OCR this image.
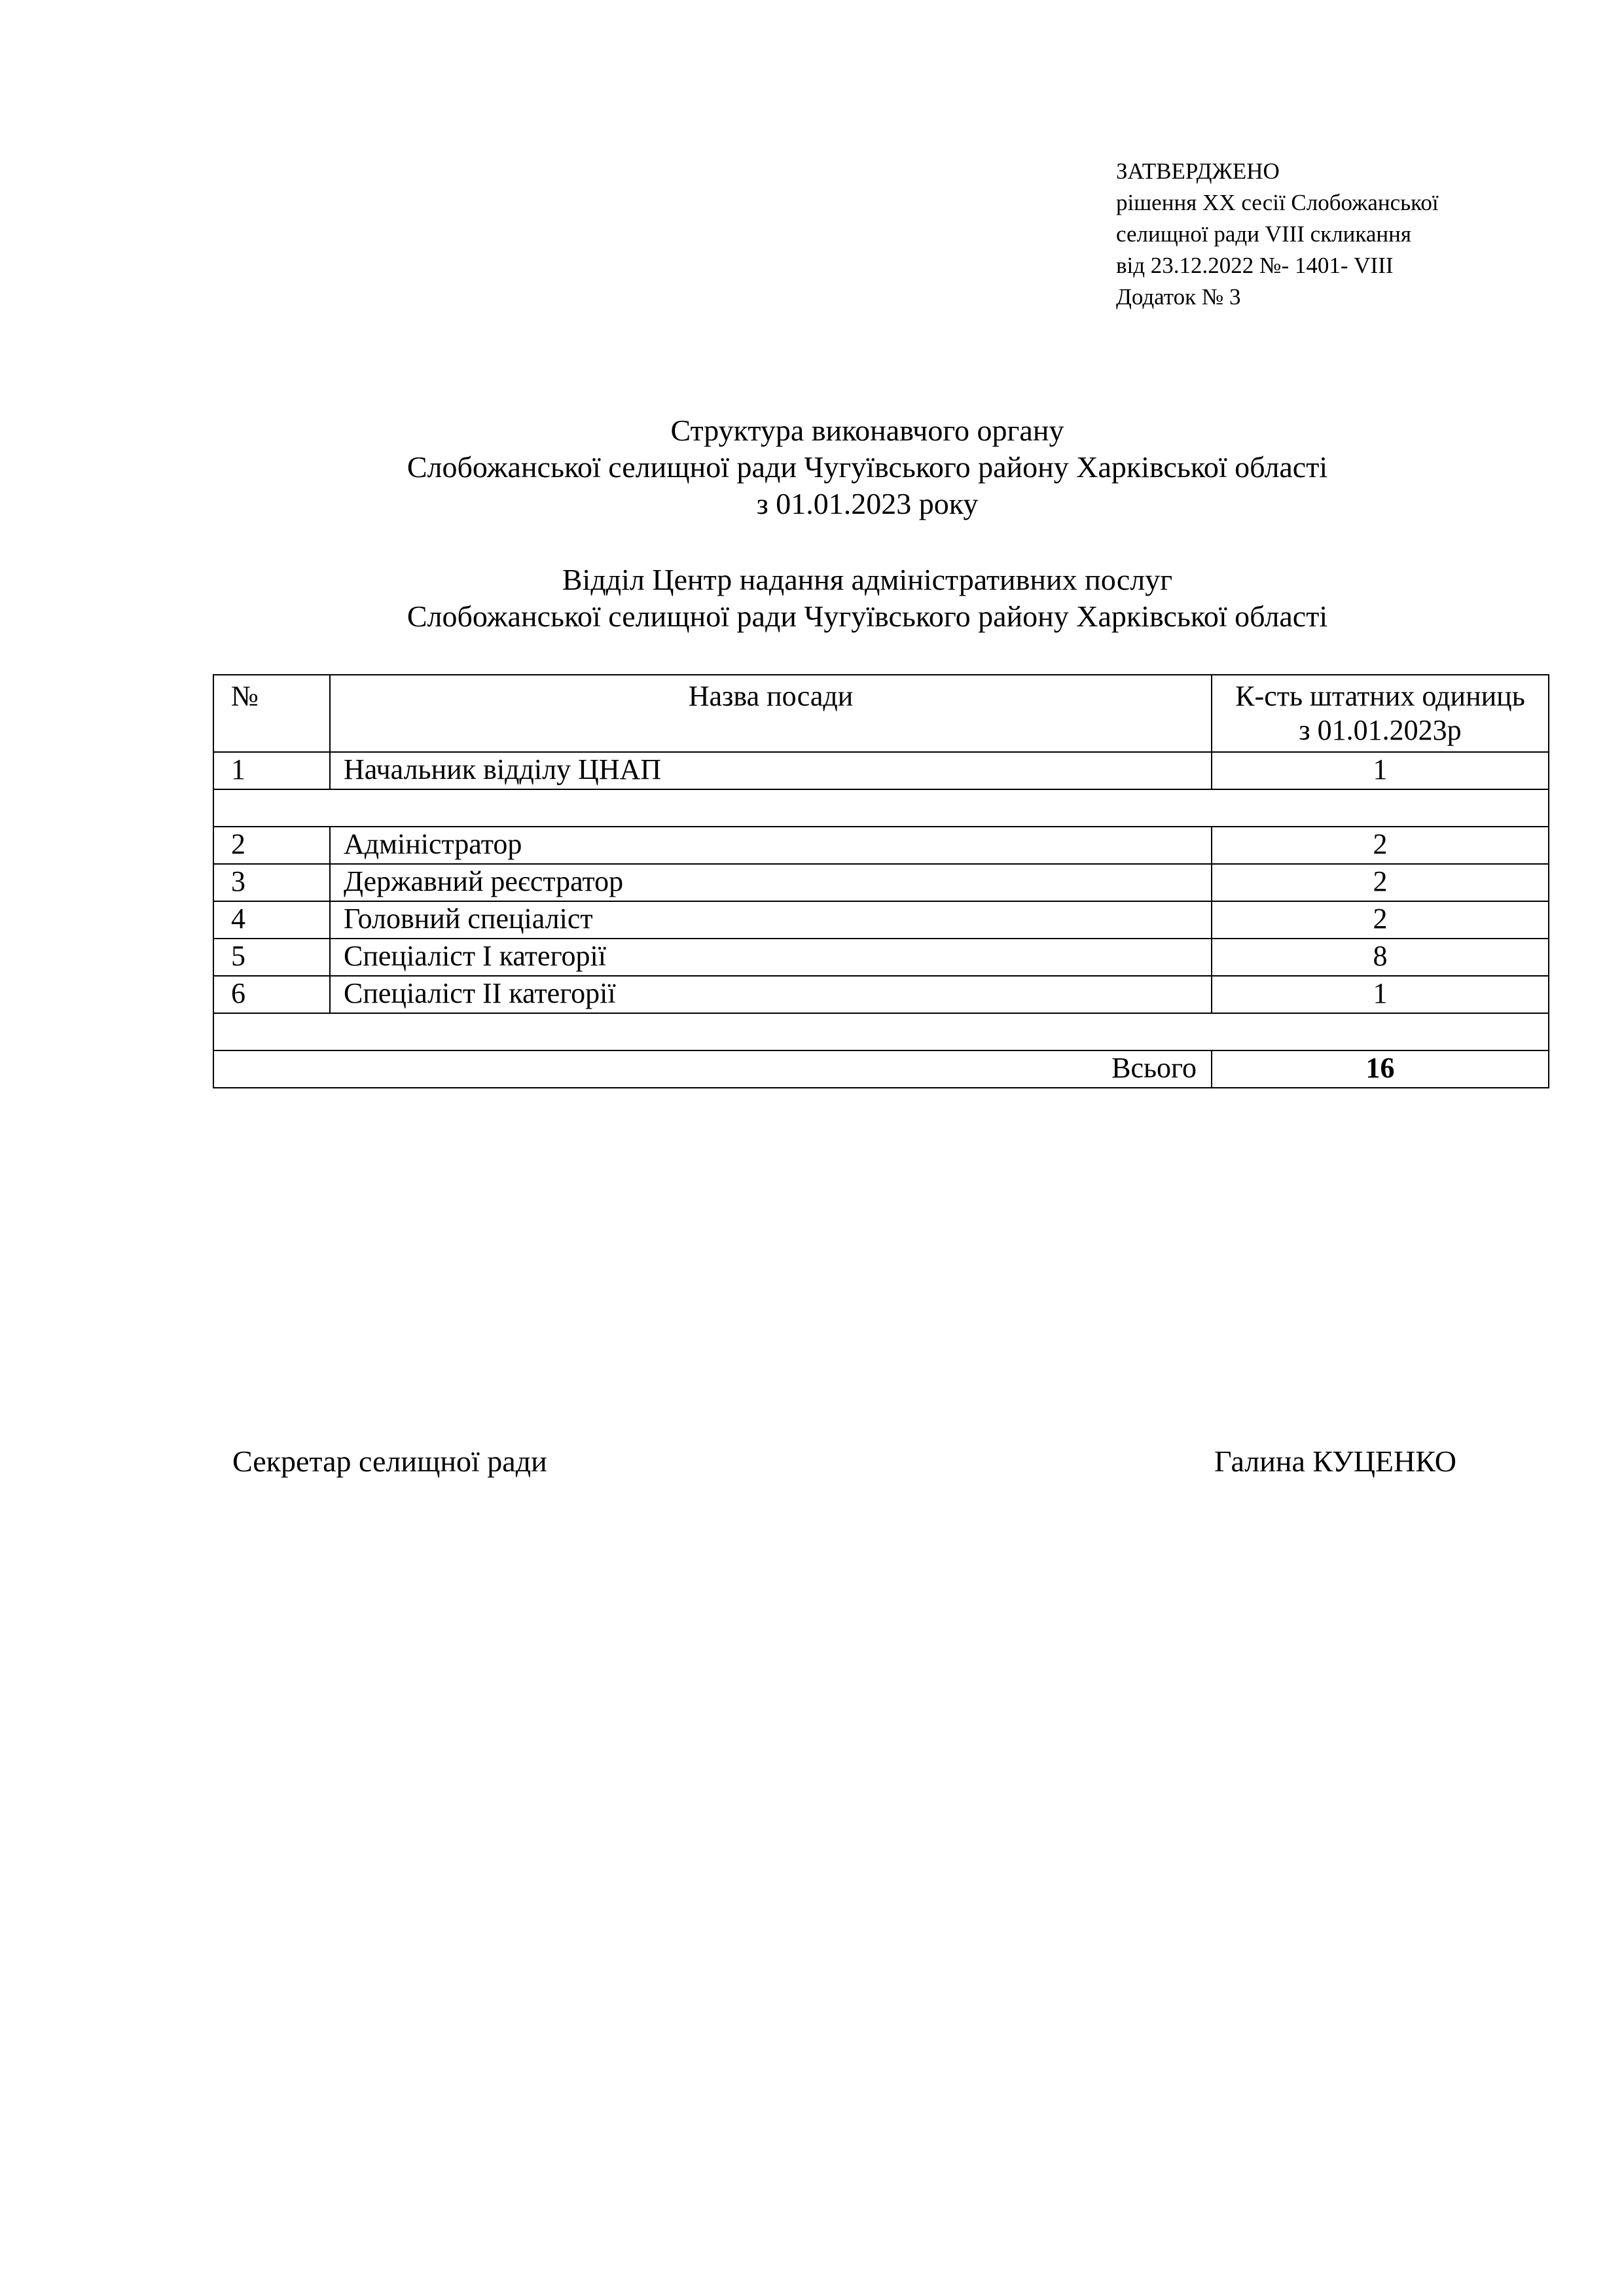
ЗАТВЕРДЖЕНО
рішення ХХ сесії Слобожанської
селищної ради VІІІ скликання
від 23.12.2022 №- 1401- VIII
Додаток № 3
Структура виконавчого органу
Слобожанської селищної ради Чугуївського району Харківської області
з 01.01.2023 року
Відділ Центр надання адміністративних послуг
Слобожанської селищної ради Чугуївського району Харківської області
№	Назва посади	К-сть штатних одиниць
з 01.01.2023р

1	Начальник відділу ЦНАП	1

2	Адміністратор	2
3	Державний реєстратор	2
4	Головний спеціаліст	2
5	Спеціаліст І категорії	8
6	Спеціаліст ІІ категорії	1

Всього		16
Секретар селищної ради	Галина КУЦЕНКО
